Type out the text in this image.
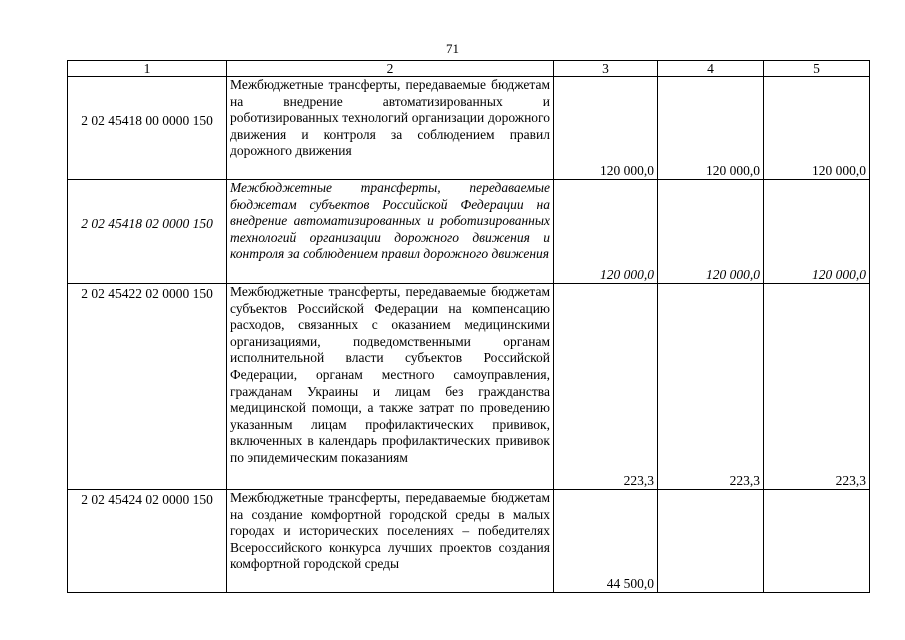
71
1	2	3	4	5
2 02 45418 00 0000 150	Межбюджетные трансферты, передаваемые бюджетам на внедрение автоматизированных и роботизированных технологий организации дорожного движения и контроля за соблюдением правил дорожного движения	120 000,0	120 000,0	120 000,0
2 02 45418 02 0000 150	Межбюджетные трансферты, передаваемые бюджетам субъектов Российской Федерации на внедрение автоматизированных и роботизированных технологий организации дорожного движения и контроля за соблюдением правил дорожного движения	120 000,0	120 000,0	120 000,0
2 02 45422 02 0000 150	Межбюджетные трансферты, передаваемые бюджетам субъектов Российской Федерации на компенсацию расходов, связанных с оказанием медицинскими организациями, подведомственными органам исполнительной власти субъектов Российской Федерации, органам местного самоуправления, гражданам Украины и лицам без гражданства медицинской помощи, а также затрат по проведению указанным лицам профилактических прививок, включенных в календарь профилактических прививок по эпидемическим показаниям	223,3	223,3	223,3
2 02 45424 02 0000 150	Межбюджетные трансферты, передаваемые бюджетам на создание комфортной городской среды в малых городах и исторических поселениях – победителях Всероссийского конкурса лучших проектов создания комфортной городской среды	44 500,0		
